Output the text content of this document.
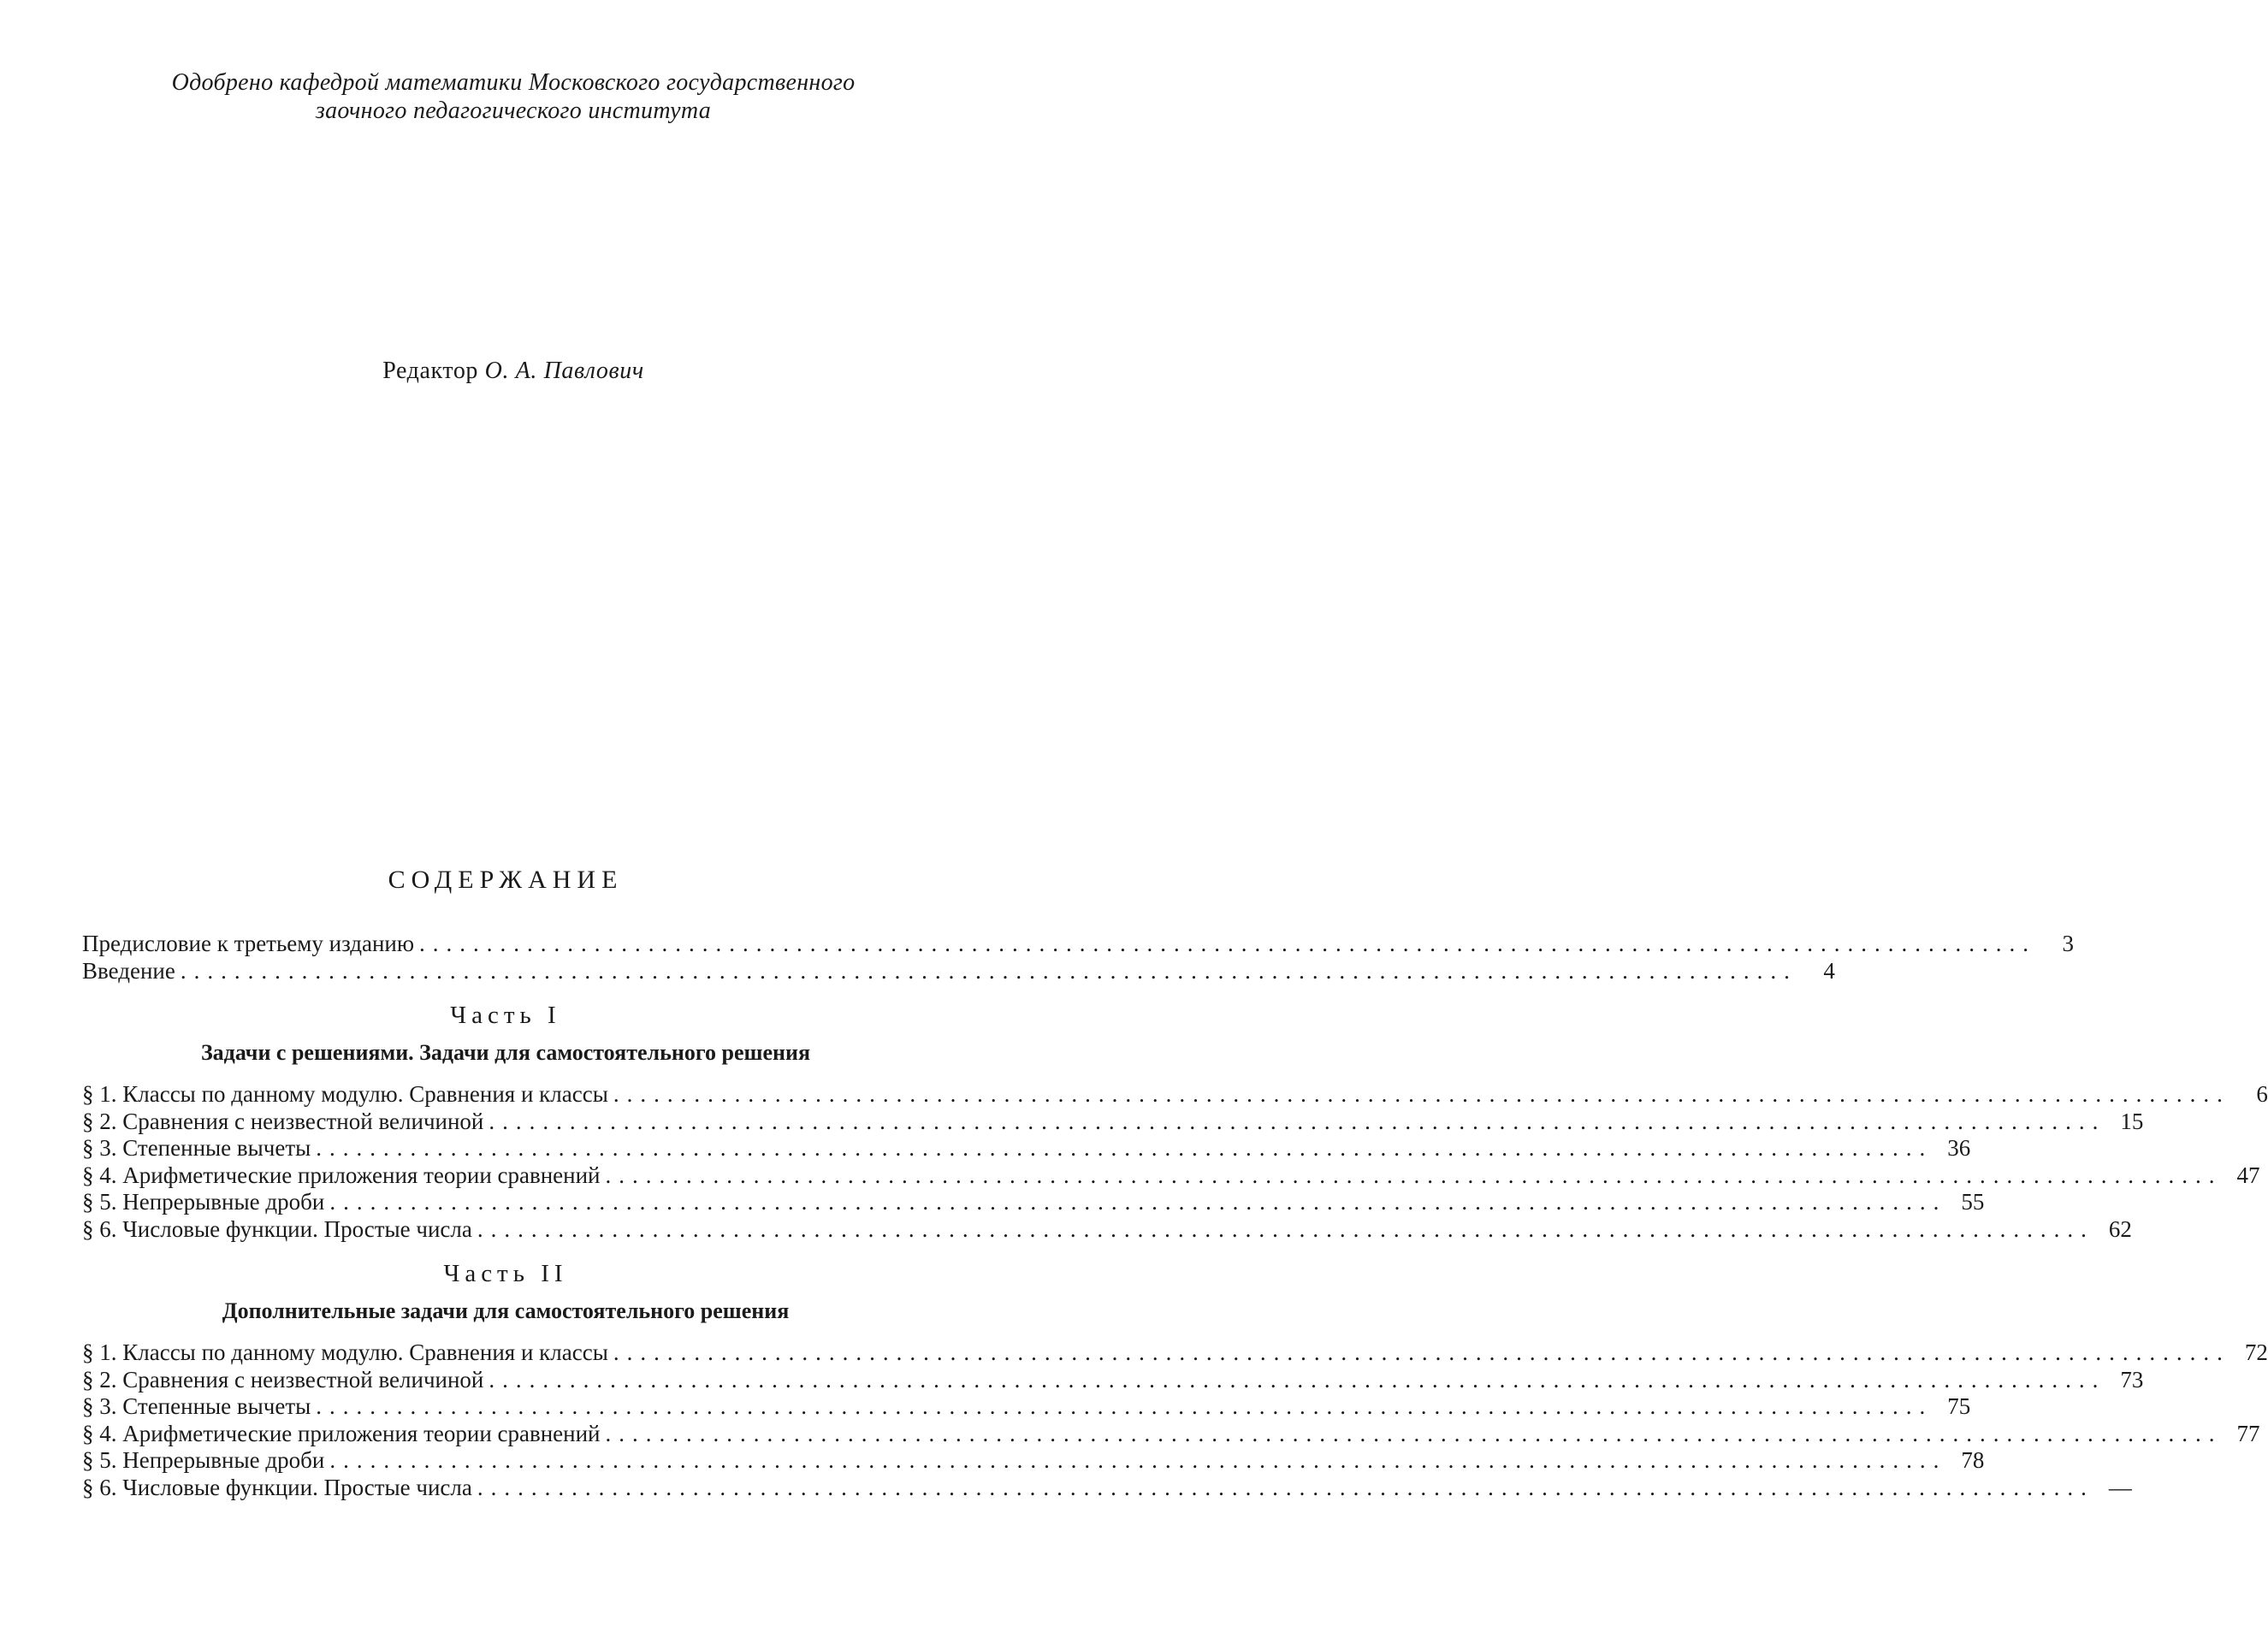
Одобрено кафедрой математики Московского государственного
заочного педагогического института
Редактор О. А. Павлович
СОДЕРЖАНИЕ
Предисловие к третьему изданию ........................................................................................................................	3
Введение ........................................................................................................................	4
Часть I
Задачи с решениями. Задачи для самостоятельного решения
§ 1. Классы по данному модулю. Сравнения и классы ........................................................................................................................	6
§ 2. Сравнения с неизвестной величиной ........................................................................................................................ 15
§ 3. Степенные вычеты ........................................................................................................................ 36
§ 4. Арифметические приложения теории сравнений ........................................................................................................................ 47
§ 5. Непрерывные дроби ........................................................................................................................ 55
§ 6. Числовые функции. Простые числа ........................................................................................................................ 62
Часть II
Дополнительные задачи для самостоятельного решения
§ 1. Классы по данному модулю. Сравнения и классы ........................................................................................................................ 72
§ 2. Сравнения с неизвестной величиной ........................................................................................................................ 73
§ 3. Степенные вычеты ........................................................................................................................ 75
§ 4. Арифметические приложения теории сравнений ........................................................................................................................ 77
§ 5. Непрерывные дроби ........................................................................................................................ 78
§ 6. Числовые функции. Простые числа ........................................................................................................................ —
